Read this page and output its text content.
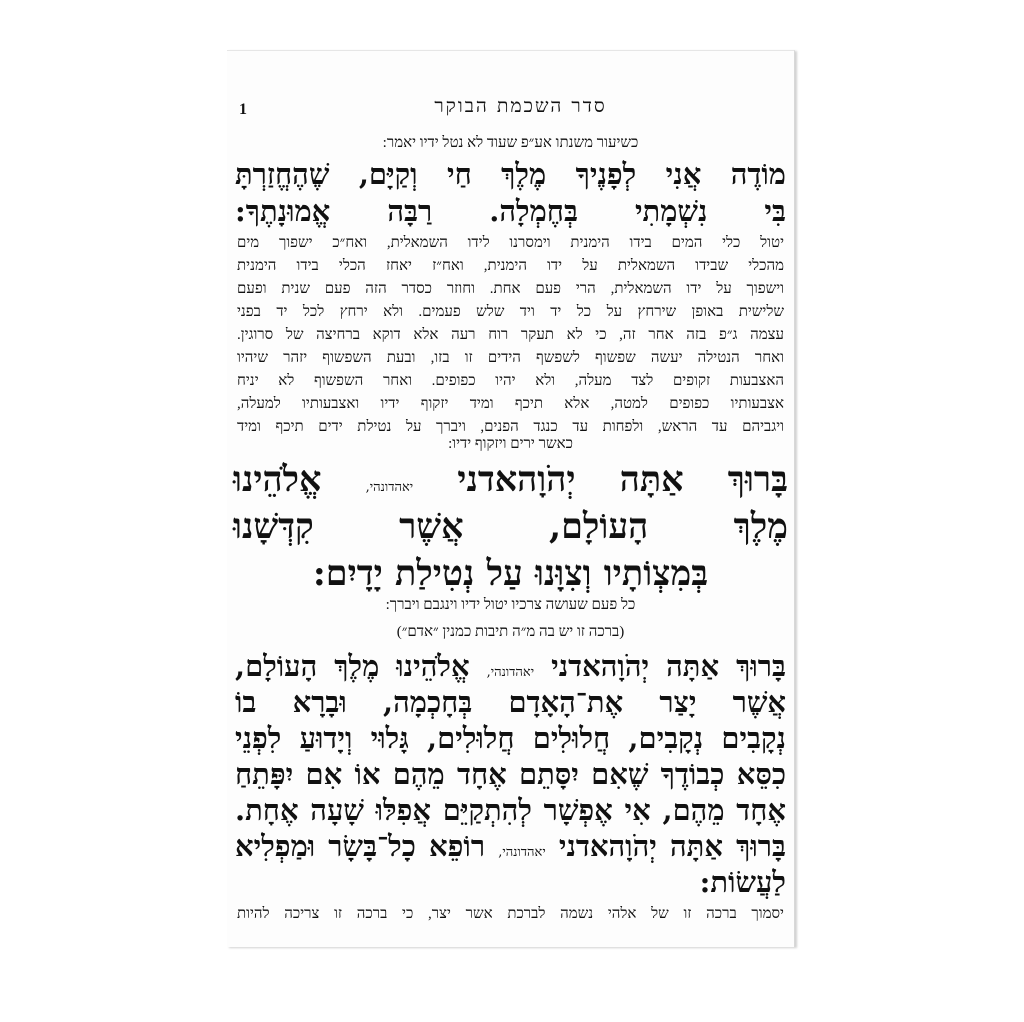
1	סדר השכמת הבוקר
כשיעור משנתו אע״פ שעוד לא נטל ידיו יאמר:
מוֹדֶה אֲנִי לְפָנֶיךָ מֶלֶךְ חַי וְקַיָּם, שֶׁהֶחֱזַרְתָּ
בִּי נִשְׁמָתִי בְּחֶמְלָה. רַבָּה אֱמוּנָתֶךָ:
יטול כלי המים בידו הימנית וימסרנו לידו השמאלית, ואח״כ ישפוך מים
מהכלי שבידו השמאלית על ידו הימנית, ואח״ז יאחז הכלי בידו הימנית
וישפוך על ידו השמאלית, הרי פעם אחת. וחוזר כסדר הזה פעם שנית ופעם
שלישית באופן שירחץ על כל יד ויד שלש פעמים. ולא ירחץ לכל יד בפני
עצמה ג״פ בזה אחר זה, כי לא תעקר רוח רעה אלא דוקא ברחיצה של סרוגין.
ואחר הנטילה יעשה שפשוף לשפשף הידים זו בזו, ובעת השפשוף יזהר שיהיו
האצבעות זקופים לצד מעלה, ולא יהיו כפופים. ואחר השפשוף לא יניח
אצבעותיו כפופים למטה, אלא תיכף ומיד יזקוף ידיו ואצבעותיו למעלה,
ויגביהם עד הראש, ולפחות עד כנגד הפנים, ויברך על נטילת ידים תיכף ומיד
כאשר ירים ויזקוף ידיו:
בָּרוּךְ אַתָּה יְהֹוָהאדני יאהדונהי, אֱלֹהֵינוּ
מֶלֶךְ הָעוֹלָם, אֲשֶׁר קִדְּשָׁנוּ
בְּמִצְוֹתָיו וְצִוָּנוּ עַל נְטִילַת יָדָיִם:
כל פעם שעושה צרכיו יטול ידיו וינגבם ויברך:
(ברכה זו יש בה מ״ה תיבות כמנין ״אדם״)
בָּרוּךְ אַתָּה יְהֹוָהאדני יאהדונהי, אֱלֹהֵינוּ מֶלֶךְ הָעוֹלָם,
אֲשֶׁר יָצַר אֶת־הָאָדָם בְּחָכְמָה, וּבָרָא בוֹ
נְקָבִים נְקָבִים, חֲלוּלִים חֲלוּלִים, גָּלוּי וְיָדוּעַ לִפְנֵי
כִסֵּא כְבוֹדֶךָ שֶׁאִם יִסָּתֵם אֶחָד מֵהֶם אוֹ אִם יִפָּתֵחַ
אֶחָד מֵהֶם, אִי אֶפְשָׁר לְהִתְקַיֵּם אֲפִלּוּ שָׁעָה אֶחָת.
בָּרוּךְ אַתָּה יְהֹוָהאדני יאהדונהי, רוֹפֵא כָל־בָּשָׂר וּמַפְלִיא
לַעֲשׂוֹת:
יסמוך ברכה זו של אלהי נשמה לברכת אשר יצר, כי ברכה זו צריכה להיות
